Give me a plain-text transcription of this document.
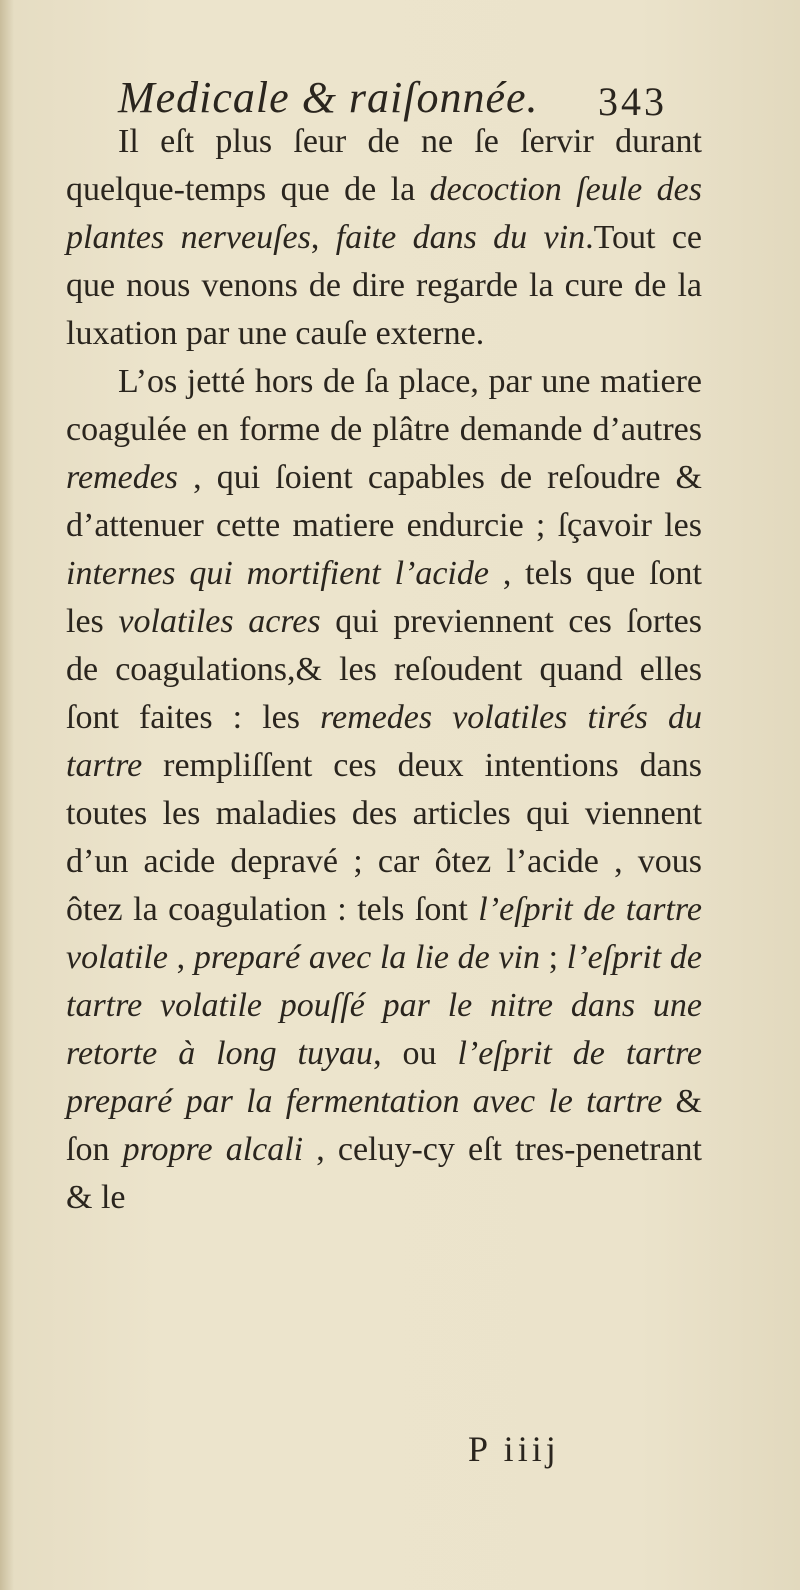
Medicale & raiſonnée. 343

Il eſt plus ſeur de ne ſe ſervir durant quelque-temps que de la decoction ſeule des plantes nerveuſes, faite dans du vin.Tout ce que nous venons de dire regarde la cure de la luxation par une cauſe externe.

L’os jetté hors de ſa place, par une matiere coagulée en forme de plâtre demande d’autres remedes , qui ſoient capables de reſoudre & d’attenuer cette matiere endurcie ; ſçavoir les internes qui mortifient l’acide , tels que ſont les volatiles acres qui previennent ces ſortes de coagulations,& les reſoudent quand elles ſont faites : les remedes volatiles tirés du tartre rempliſſent ces deux intentions dans toutes les maladies des articles qui viennent d’un acide depravé ; car ôtez l’acide , vous ôtez la coagulation : tels ſont l’eſprit de tartre volatile , preparé avec la lie de vin ; l’eſprit de tartre volatile pouſſé par le nitre dans une retorte à long tuyau, ou l’eſprit de tartre preparé par la fermentation avec le tartre & ſon propre alcali , celuy-cy eſt tres-penetrant & le

P iiij
